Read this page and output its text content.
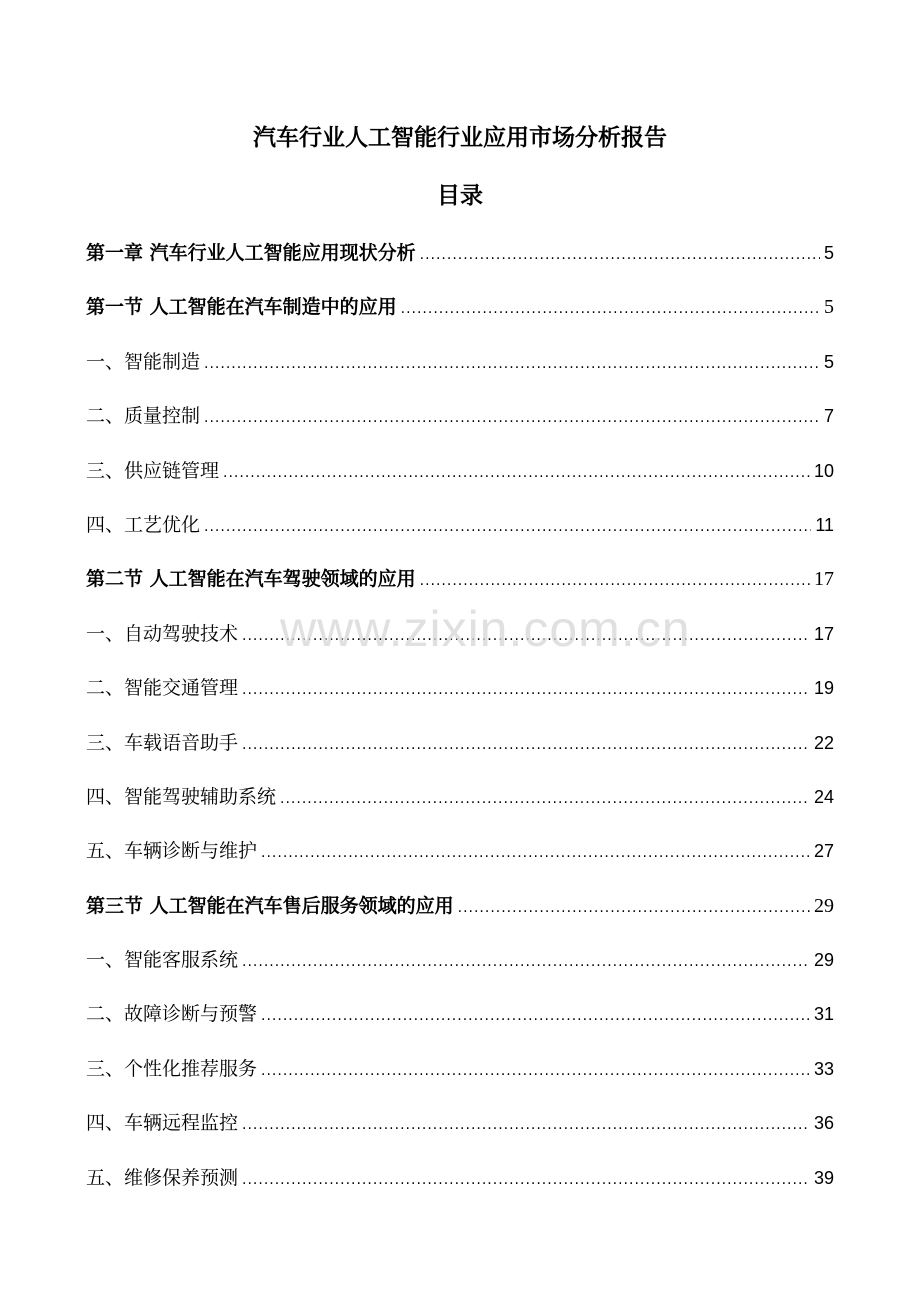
汽车行业人工智能行业应用市场分析报告
目录
第一章 汽车行业人工智能应用现状分析 .....	5
第一节 人工智能在汽车制造中的应用 .....	5
一、 智能制造 .....	5
二、 质量控制 .....	7
三、 供应链管理 .....	10
四、 工艺优化 .....	11
第二节 人工智能在汽车驾驶领域的应用 .....	17
一、 自动驾驶技术 .....	17
二、 智能交通管理 .....	19
三、 车载语音助手 .....	22
四、 智能驾驶辅助系统 .....	24
五、 车辆诊断与维护 .....	27
第三节 人工智能在汽车售后服务领域的应用 .....	29
一、 智能客服系统 .....	29
二、 故障诊断与预警 .....	31
三、 个性化推荐服务 .....	33
四、 车辆远程监控 .....	36
五、 维修保养预测 .....	39
www.zixin.com.cn
